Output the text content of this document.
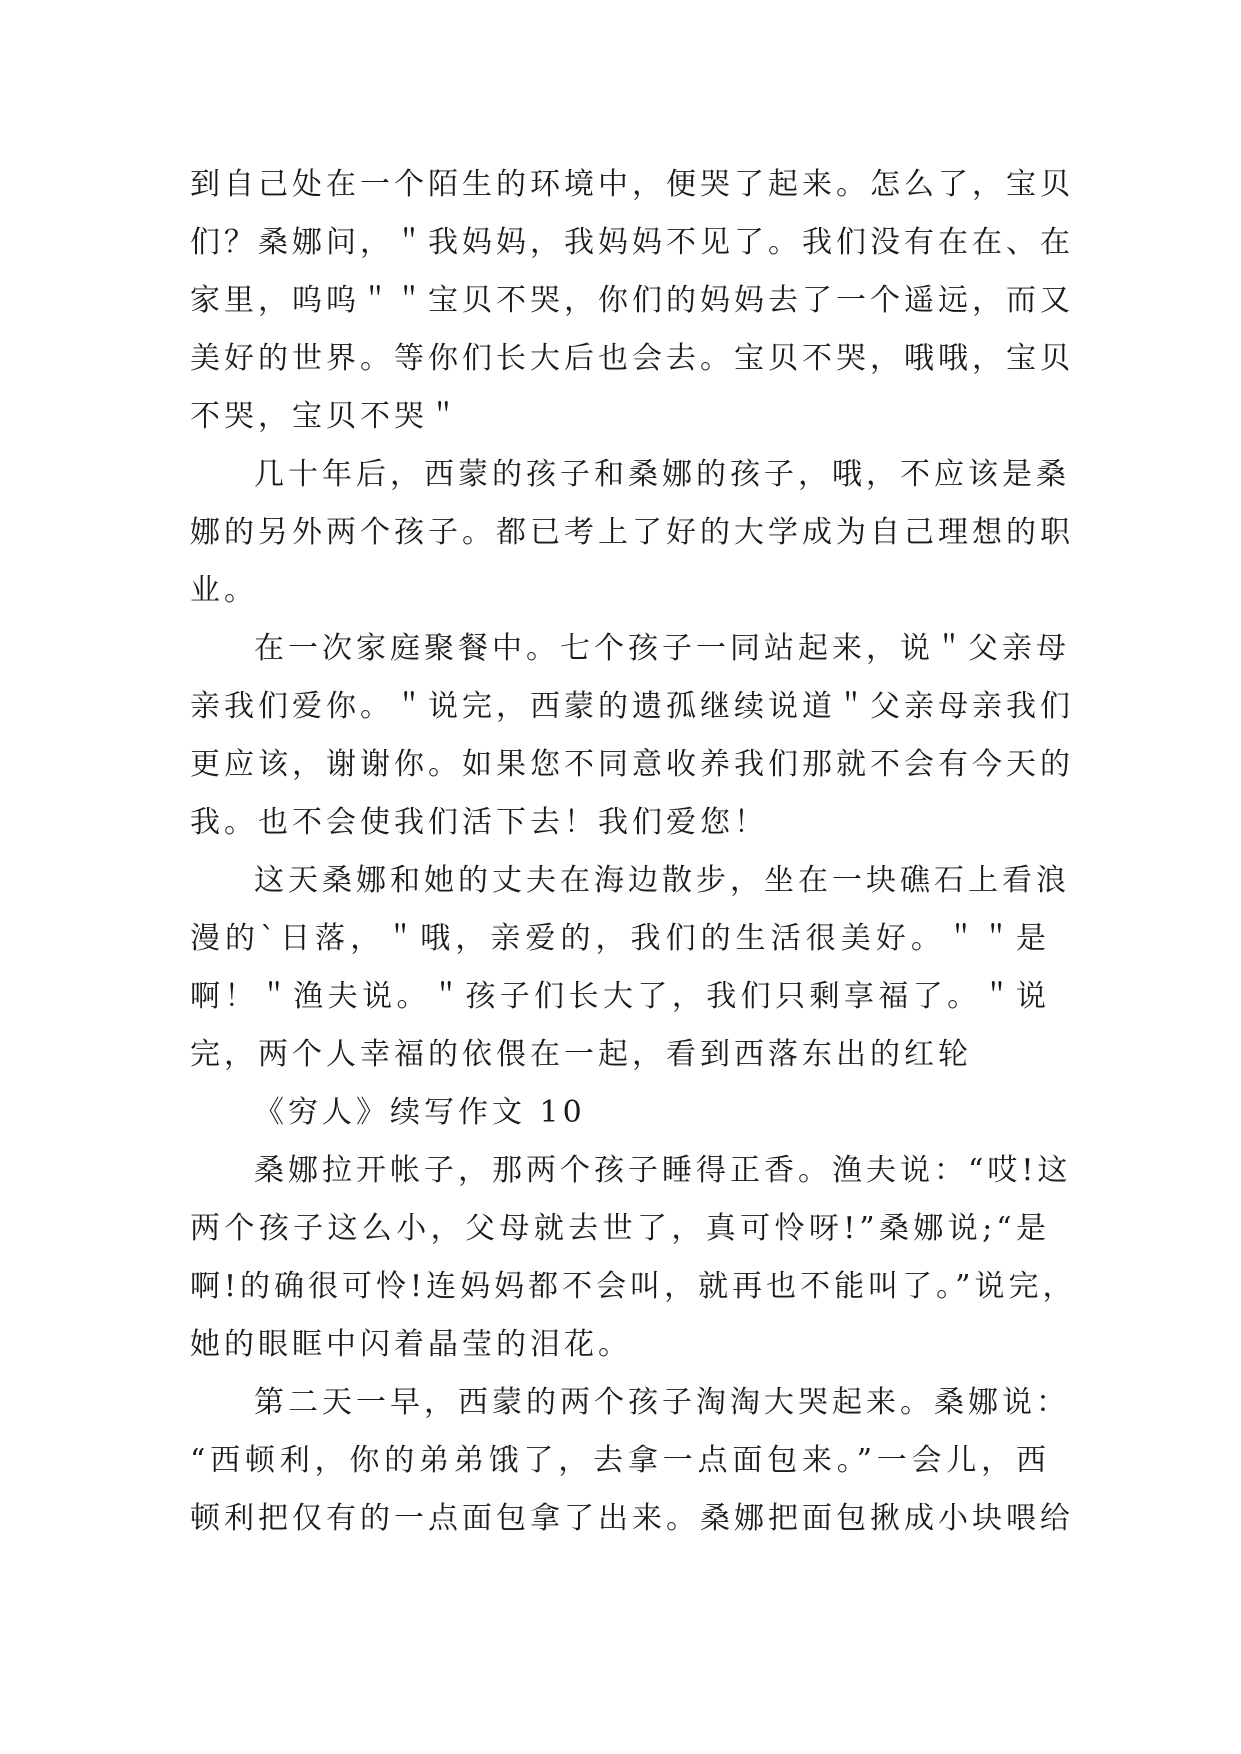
到自己处在一个陌生的环境中，便哭了起来。怎么了，宝贝
们？桑娜问，＂我妈妈，我妈妈不见了。我们没有在在、在
家里，呜呜＂＂宝贝不哭，你们的妈妈去了一个遥远，而又
美好的世界。等你们长大后也会去。宝贝不哭，哦哦，宝贝
不哭，宝贝不哭＂
几十年后，西蒙的孩子和桑娜的孩子，哦，不应该是桑
娜的另外两个孩子。都已考上了好的大学成为自己理想的职
业。
在一次家庭聚餐中。七个孩子一同站起来，说＂父亲母
亲我们爱你。＂说完，西蒙的遗孤继续说道＂父亲母亲我们
更应该，谢谢你。如果您不同意收养我们那就不会有今天的
我。也不会使我们活下去！我们爱您！
这天桑娜和她的丈夫在海边散步，坐在一块礁石上看浪
漫的`日落，＂哦，亲爱的，我们的生活很美好。＂＂是
啊！＂渔夫说。＂孩子们长大了，我们只剩享福了。＂说
完，两个人幸福的依偎在一起，看到西落东出的红轮
《穷人》续写作文 10
桑娜拉开帐子，那两个孩子睡得正香。渔夫说：“哎!这
两个孩子这么小，父母就去世了，真可怜呀!”桑娜说;“是
啊!的确很可怜!连妈妈都不会叫，就再也不能叫了。”说完，
她的眼眶中闪着晶莹的泪花。
第二天一早，西蒙的两个孩子淘淘大哭起来。桑娜说：
“西顿利，你的弟弟饿了，去拿一点面包来。”一会儿，西
顿利把仅有的一点面包拿了出来。桑娜把面包揪成小块喂给
